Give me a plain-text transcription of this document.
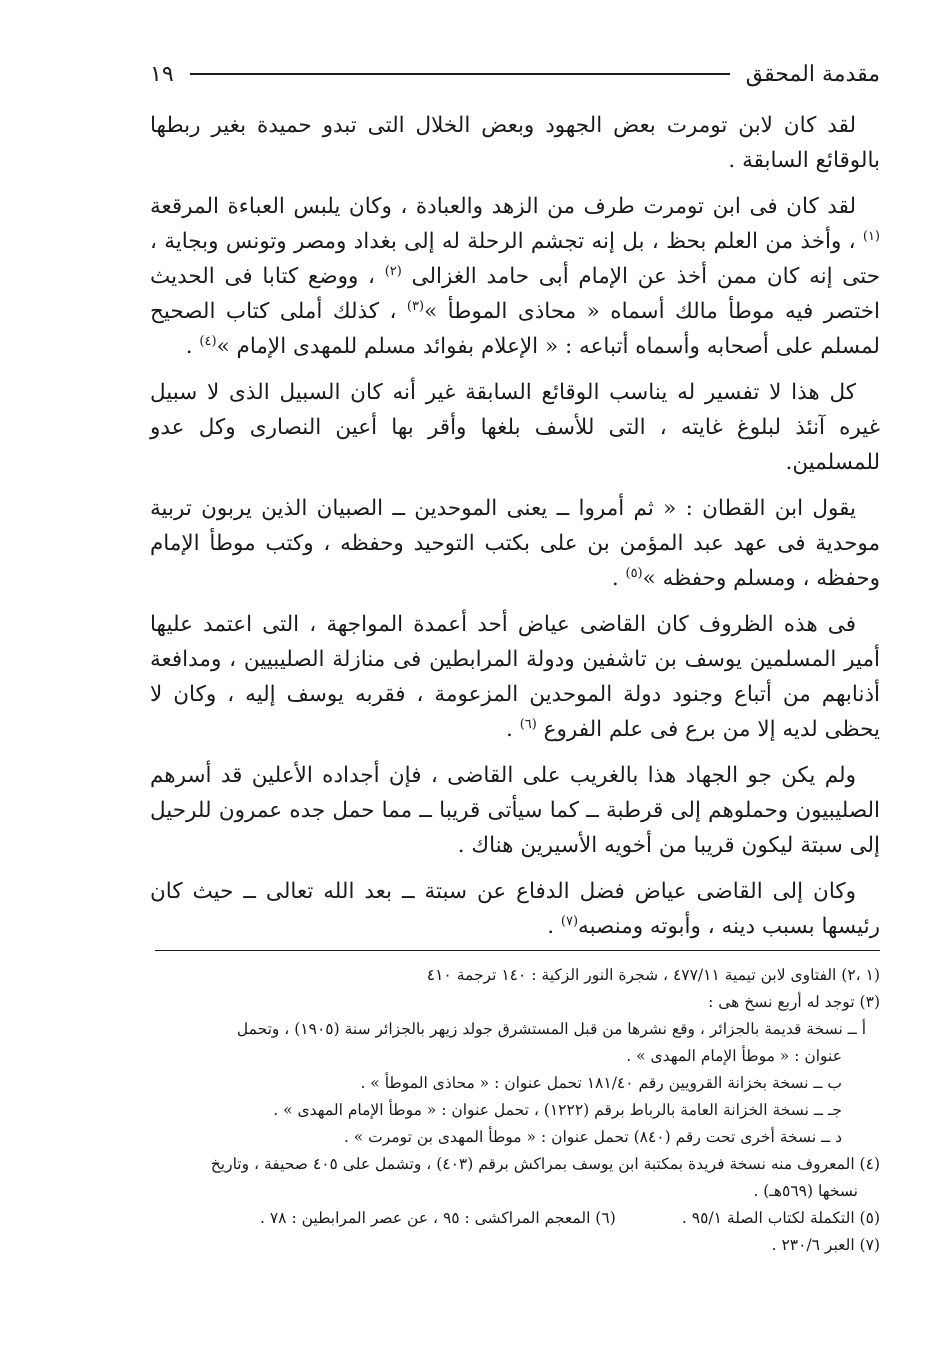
مقدمة المحقق
١٩

لقد كان لابن تومرت بعض الجهود وبعض الخلال التى تبدو حميدة بغير ربطها بالوقائع السابقة .

لقد كان فى ابن تومرت طرف من الزهد والعبادة ، وكان يلبس العباءة المرقعة $^{(١)}$ ، وأخذ من العلم بحظ ، بل إنه تجشم الرحلة له إلى بغداد ومصر وتونس وبجاية ، حتى إنه كان ممن أخذ عن الإمام أبى حامد الغزالى $^{(٢)}$ ، ووضع كتابا فى الحديث اختصر فيه موطأ مالك أسماه « محاذى الموطأ »$^{(٣)}$ ، كذلك أملى كتاب الصحيح لمسلم على أصحابه وأسماه أتباعه : « الإعلام بفوائد مسلم للمهدى الإمام »$^{(٤)}$ .

كل هذا لا تفسير له يناسب الوقائع السابقة غير أنه كان السبيل الذى لا سبيل غيره آنئذ لبلوغ غايته ، التى للأسف بلغها وأقر بها أعين النصارى وكل عدو للمسلمين.

يقول ابن القطان : « ثم أمروا ــ يعنى الموحدين ــ الصبيان الذين يربون تربية موحدية فى عهد عبد المؤمن بن على بكتب التوحيد وحفظه ، وكتب موطأ الإمام وحفظه ، ومسلم وحفظه »$^{(٥)}$ .

فى هذه الظروف كان القاضى عياض أحد أعمدة المواجهة ، التى اعتمد عليها أمير المسلمين يوسف بن تاشفين ودولة المرابطين فى منازلة الصليبيين ، ومدافعة أذنابهم من أتباع وجنود دولة الموحدين المزعومة ، فقربه يوسف إليه ، وكان لا يحظى لديه إلا من برع فى علم الفروع $^{(٦)}$ .

ولم يكن جو الجهاد هذا بالغريب على القاضى ، فإن أجداده الأعلين قد أسرهم الصليبيون وحملوهم إلى قرطبة ــ كما سيأتى قريبا ــ مما حمل جده عمرون للرحيل إلى سبتة ليكون قريبا من أخويه الأسيرين هناك .

وكان إلى القاضى عياض فضل الدفاع عن سبتة ــ بعد الله تعالى ــ حيث كان رئيسها بسبب دينه ، وأبوته ومنصبه$^{(٧)}$ .

(١ ،٢) الفتاوى لابن تيمية ٤٧٧/١١ ، شجرة النور الزكية : ١٤٠ ترجمة ٤١٠
(٣) توجد له أربع نسخ هى :
أ ــ نسخة قديمة بالجزائر ، وقع نشرها من قبل المستشرق جولد زيهر بالجزائر سنة (١٩٠٥) ، وتحمل
عنوان : « موطأ الإمام المهدى » .
ب ــ نسخة بخزانة القرويين رقم ١٨١/٤٠ تحمل عنوان : « محاذى الموطأ » .
جـ ــ نسخة الخزانة العامة بالرباط برقم (١٢٢٢) ، تحمل عنوان : « موطأ الإمام المهدى » .
د ــ نسخة أخرى تحت رقم (٨٤٠) تحمل عنوان : « موطأ المهدى بن تومرت » .
(٤) المعروف منه نسخة فريدة بمكتبة ابن يوسف بمراكش برقم (٤٠٣) ، وتشمل على ٤٠٥ صحيفة ، وتاريخ
نسخها (٥٦٩هـ) .
(٥) التكملة لكتاب الصلة ٩٥/١ .
(٦) المعجم المراكشى : ٩٥ ، عن عصر المرابطين : ٧٨ .
(٧) العبر ٢٣٠/٦ .
